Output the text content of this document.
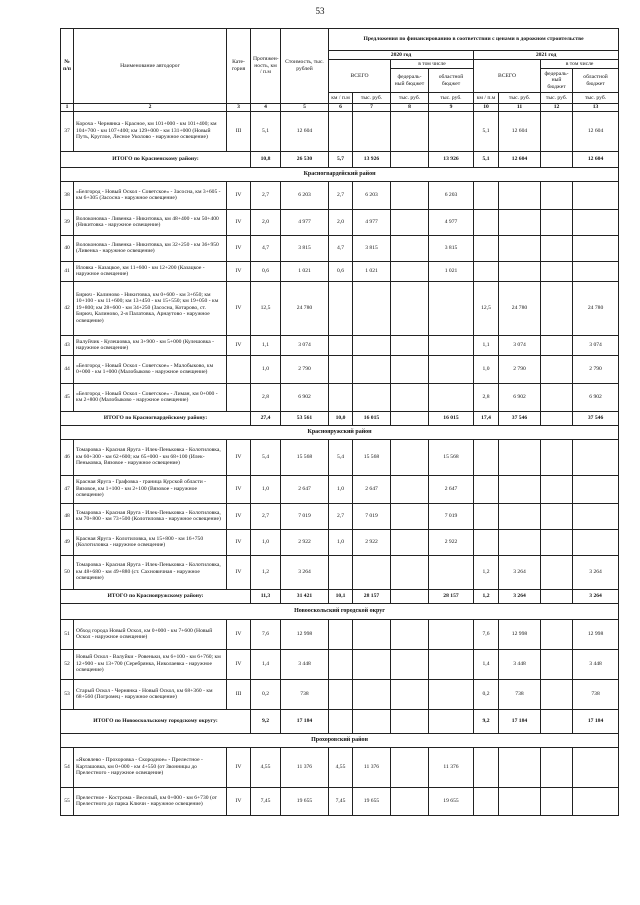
53
№ п/п	Наименование автодорог	Кате-гория	Протяжен-ность, км / п.м	Стоимость, тыс. рублей	Предложения по финансированию в соответствии с ценами в дорожном строительстве							
					2020 год				2021 год			
					ВСЕГО		в том числе		ВСЕГО		в том числе	
							федераль-ный бюджет	областной бюджет			федераль-ный бюджет	областной бюджет
					км / п.м	тыс. руб.	тыс. руб.	тыс. руб.	км / п.м	тыс. руб.	тыс. руб.	тыс. руб.
1	2	3	4	5	6	7	8	9	10	11	12	13
37	Короча - Чернянка - Красное, км 101+000 - км 101+400; км 104+700 - км 107+400; км 129+000 - км 131+000 (Новый Путь, Круглое, Лесное Уколово - наружное освещение)	III	5,1	12 604					5,1	12 604		12 604
ИТОГО по Красненскому району:			10,8	26 530	5,7	13 926		13 926	5,1	12 604		12 604
Красногвардейский район												
38	«Белгород - Новый Оскол - Советское» - Засосна, км 3+605 - км 6+305 (Засосна - наружное освещение)	IV	2,7	6 203	2,7	6 203		6 203				
39	Волоконовка - Ливенка - Никитовка, км 48+400 - км 50+400 (Никитовка - наружное освещение)	IV	2,0	4 977	2,0	4 977		4 977				
40	Волоконовка - Ливенка - Никитовка, км 32+250 - км 36+950 (Ливенка - наружное освещение)	IV	4,7	3 815	4,7	3 815		3 815				
41	Иловка - Казацкое, км 11+600 - км 12+200 (Казацкое - наружное освещение)	IV	0,6	1 021	0,6	1 021		1 021				
42	Бирюч - Калиново - Никитовка, км 0+600 - км 3+650; км 10+100 - км 11+600; км 13+450 - км 15+550; км 19+050 - км 19+800; км 28+600 - км 34+250 (Засосна, Котарово, ст. Бирюч, Калиново, 2-я Палатовка, Арнаутово - наружное освещение)	IV	12,5	24 780					12,5	24 780		24 780
43	Валуйчик - Кулешовка, км 3+900 - км 5+000 (Кулешовка - наружное освещение)	IV	1,1	3 074					1,1	3 074		3 074
44	«Белгород - Новый Оскол - Советское» - Малобыково, км 0+000 - км 1+000 (Малобыково - наружное освещение)		1,0	2 790					1,0	2 790		2 790
45	«Белгород - Новый Оскол - Советское» - Лиман, км 0+000 - км 2+800 (Малобыково - наружное освещение)		2,8	6 902					2,8	6 902		6 902
ИТОГО по Красногвардейскому району:			27,4	53 561	10,0	16 015		16 015	17,4	37 546		37 546
Краснояружский район												
46	Томаровка - Красная Яруга - Илек-Пеньковка - Колотиловка, км 60+300 - км 62+600; км 65+000 - км 68+100 (Илек-Пеньковка, Вязовое - наружное освещение)	IV	5,4	15 568	5,4	15 568		15 568				
47	Красная Яруга - Графовка - граница Курской области - Вязовое, км 1+100 - км 2+100 (Вязовое - наружное освещение)	IV	1,0	2 647	1,0	2 647		2 647				
48	Томаровка - Красная Яруга - Илек-Пеньковка - Колотиловка, км 70+800 - км 73+500 (Колотиловка - наружное освещение)	IV	2,7	7 019	2,7	7 019		7 019				
49	Красная Яруга - Колотиловка, км 15+800 - км 16+750 (Колотиловка - наружное освещение)	IV	1,0	2 922	1,0	2 922		2 922				
50	Томаровка - Красная Яруга - Илек-Пеньковка - Колотиловка, км 48+680 - км 49+880 (ст. Сахновичная - наружное освещение)	IV	1,2	3 264					1,2	3 264		3 264
ИТОГО по Краснояружскому району:			11,3	31 421	10,1	28 157		28 157	1,2	3 264		3 264
Новооскольский городской округ												
51	Обход города Новый Оскол, км 0+000 - км 7+600 (Новый Оскол - наружное освещение)	IV	7,6	12 998					7,6	12 998		12 998
52	Новый Оскол - Валуйки - Ровеньки, км 6+100 - км 6+760; км 12+900 - км 13+700 (Серебрянка, Николаевка - наружное освещение)	IV	1,4	3 448					1,4	3 448		3 448
53	Старый Оскол - Чернянка - Новый Оскол, км 68+360 - км 68+560 (Погромец - наружное освещение)	III	0,2	738					0,2	738		738
ИТОГО по Новооскольскому городскому округу:			9,2	17 184					9,2	17 184		17 184
Прохоровский район												
54	«Яковлево - Прохоровка - Скородное» - Прелестное - Карташовка, км 0+000 - км 4+550 (от Звонницы до Прелестного - наружное освещение)	IV	4,55	11 376	4,55	11 376		11 376				
55	Прелестное - Кострома - Веселый, км 0+000 - км 6+730 (от Прелестного до парка Ключи - наружное освещение)	IV	7,45	19 655	7,45	19 655		19 655				
